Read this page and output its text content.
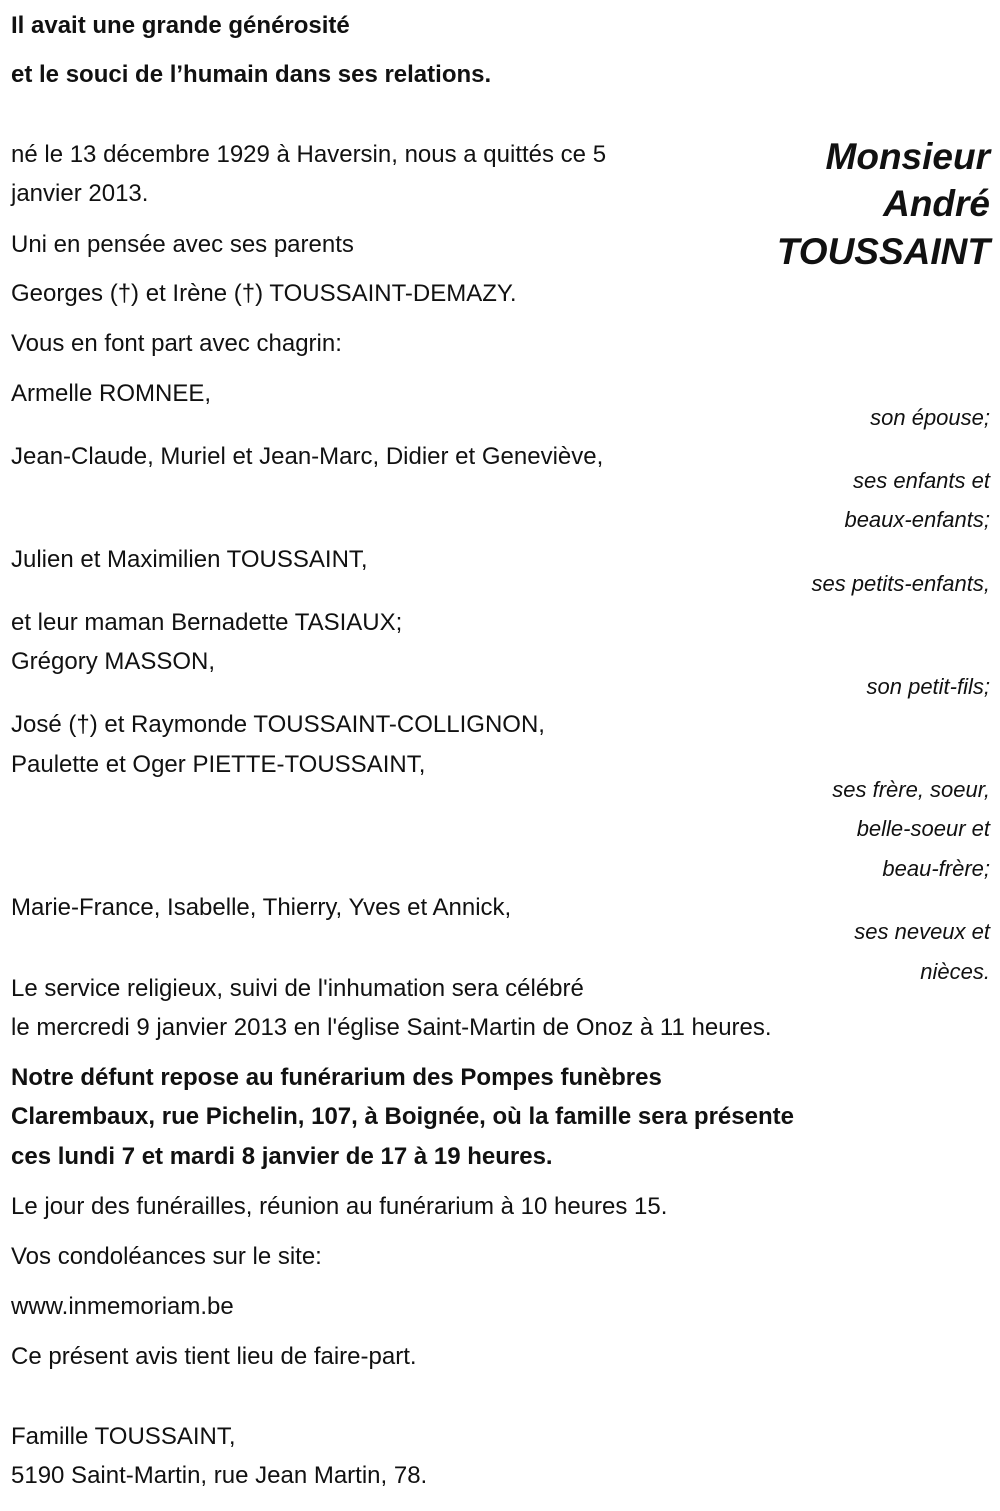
Il avait une grande générosité
et le souci de l’humain dans ses relations.
Monsieur
André
TOUSSAINT
né le 13 décembre 1929 à Haversin, nous a quittés ce 5
janvier 2013.
Uni en pensée avec ses parents
Georges (†) et Irène (†) TOUSSAINT-DEMAZY.
Vous en font part avec chagrin:
Armelle ROMNEE,
son épouse;
Jean-Claude, Muriel et Jean-Marc, Didier et Geneviève,
ses enfants et
beaux-enfants;
Julien et Maximilien TOUSSAINT,
ses petits-enfants,
et leur maman Bernadette TASIAUX;
Grégory MASSON,
son petit-fils;
José (†) et Raymonde TOUSSAINT-COLLIGNON,
Paulette et Oger PIETTE-TOUSSAINT,
ses frère, soeur,
belle-soeur et
beau-frère;
Marie-France, Isabelle, Thierry, Yves et Annick,
ses neveux et
nièces.
Le service religieux, suivi de l'inhumation sera célébré
le mercredi 9 janvier 2013 en l'église Saint-Martin de Onoz à 11 heures.
Notre défunt repose au funérarium des Pompes funèbres
Clarembaux, rue Pichelin, 107, à Boignée, où la famille sera présente
ces lundi 7 et mardi 8 janvier de 17 à 19 heures.
Le jour des funérailles, réunion au funérarium à 10 heures 15.
Vos condoléances sur le site:
www.inmemoriam.be
Ce présent avis tient lieu de faire-part.
Famille TOUSSAINT,
5190 Saint-Martin, rue Jean Martin, 78.
